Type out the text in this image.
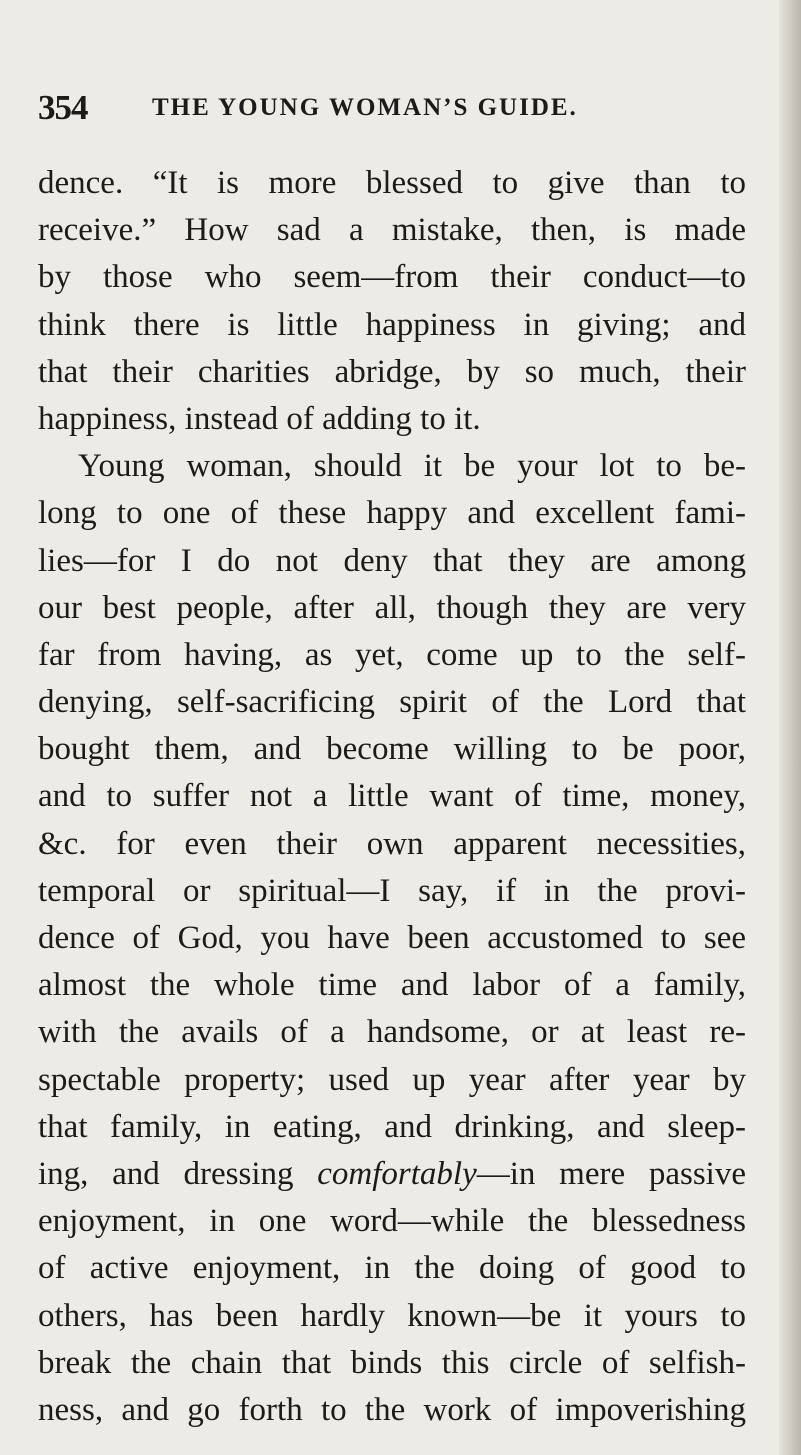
354	THE YOUNG WOMAN’S GUIDE.
dence. “It is more blessed to give than to
receive.” How sad a mistake, then, is made
by those who seem—from their conduct—to
think there is little happiness in giving; and
that their charities abridge, by so much, their
happiness, instead of adding to it.
Young woman, should it be your lot to be-
long to one of these happy and excellent fami-
lies—for I do not deny that they are among
our best people, after all, though they are very
far from having, as yet, come up to the self-
denying, self-sacrificing spirit of the Lord that
bought them, and become willing to be poor,
and to suffer not a little want of time, money,
&c. for even their own apparent necessities,
temporal or spiritual—I say, if in the provi-
dence of God, you have been accustomed to see
almost the whole time and labor of a family,
with the avails of a handsome, or at least re-
spectable property; used up year after year by
that family, in eating, and drinking, and sleep-
ing, and dressing comfortably—in mere passive
enjoyment, in one word—while the blessedness
of active enjoyment, in the doing of good to
others, has been hardly known—be it yours to
break the chain that binds this circle of selfish-
ness, and go forth to the work of impoverishing
